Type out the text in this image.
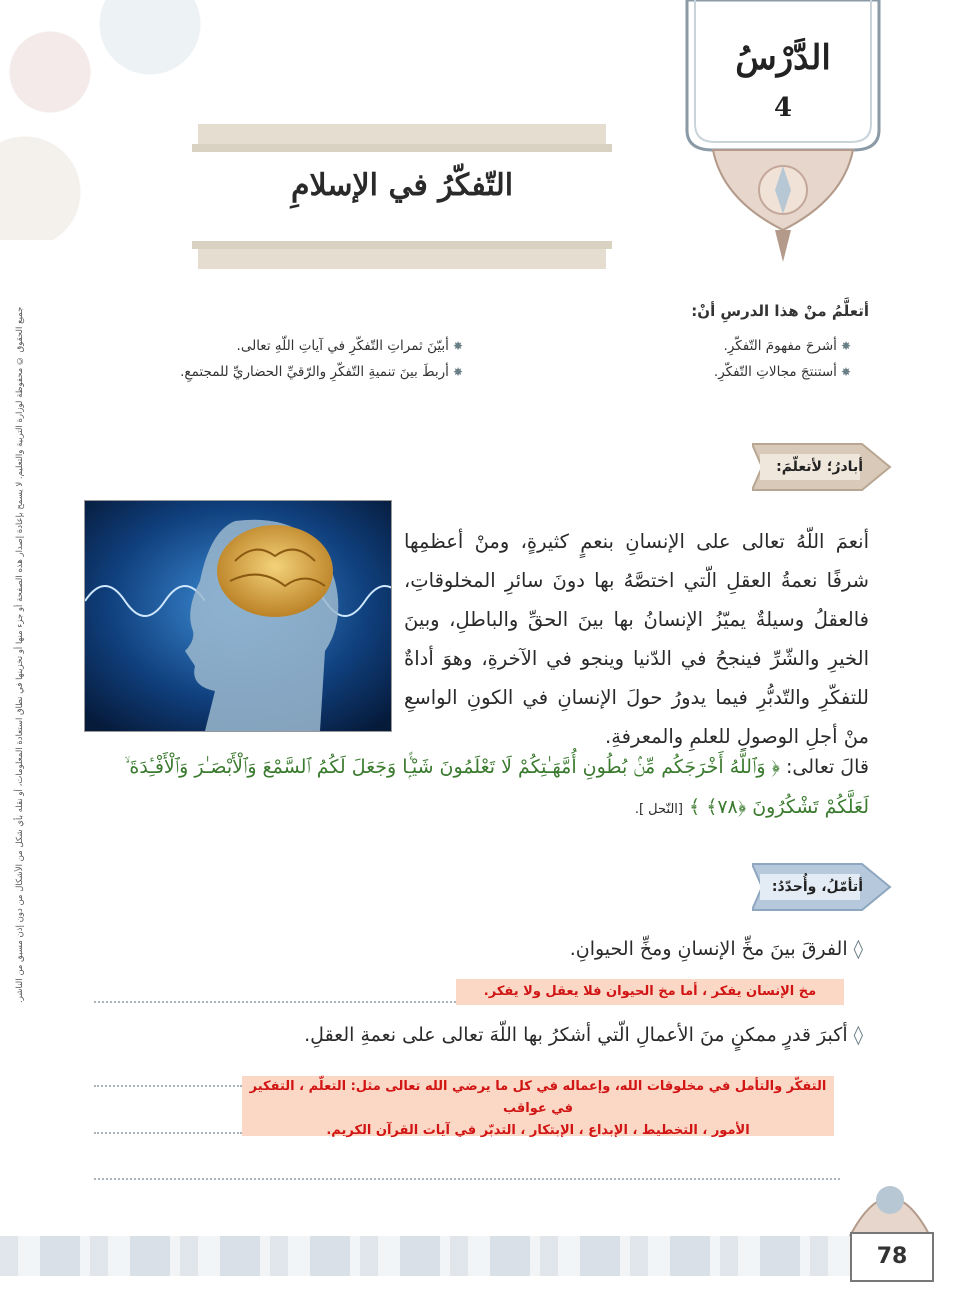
الدَّرْسُ
4
التّفكّرُ في الإسلامِ
جميع الحقوق © محفوظة لوزارة التربية والتعليم. لا يسمح بإعادة إصدار هذه الصفحة أو جزء منها أو تخزينها في نطاق استعادة المعلومات، أو نقله بأي شكل من الأشكال من دون إذن مسبق من الناشر.	أتعلَّمُ منْ هذا الدرسِ أنْ:
✸أشرحَ مفهومَ التّفكّرِ.
✸أستنتجَ مجالاتِ التّفكّرِ.
✸أبيّنَ ثمراتِ التّفكّرِ في آياتِ اللّهِ تعالى.
✸أربطَ بينَ تنميةِ التّفكّرِ والرّقيِّ الحضاريِّ للمجتمعِ.
أبادرُ؛ لأتعلّمَ:
أنعمَ اللّهُ تعالى على الإنسانِ بنعمٍ كثيرةٍ، ومنْ أعظمِها شرفًا نعمةُ العقلِ الّتي اختصَّهُ بها دونَ سائرِ المخلوقاتِ، فالعقلُ وسيلةٌ يميّزُ الإنسانُ بها بينَ الحقِّ والباطلِ، وبينَ الخيرِ والشّرِّ فينجحُ في الدّنيا وينجو في الآخرةِ، وهوَ أداةٌ للتفكّرِ والتّدبُّرِ فيما يدورُ حولَ الإنسانِ في الكونِ الواسعِ منْ أجلِ الوصولِ للعلمِ والمعرفةِ.
قالَ تعالى: ﴿ وَٱللَّهُ أَخْرَجَكُم مِّنۢ بُطُونِ أُمَّهَـٰتِكُمْ لَا تَعْلَمُونَ شَيْـًۭٔا وَجَعَلَ لَكُمُ ٱلسَّمْعَ وَٱلْأَبْصَـٰرَ وَٱلْأَفْـِٔدَةَ ۙ لَعَلَّكُمْ تَشْكُرُونَ ﴿٧٨﴾ ﴾ [النّحل ].
أتأمّلُ، وأُحدّدُ:
◊الفرقَ بينَ مخِّ الإنسانِ ومخِّ الحيوانِ.
مخ الإنسان يفكر ، أما مخ الحيوان فلا يعقل ولا يفكر.
◊أكبرَ قدرٍ ممكنٍ منَ الأعمالِ الّتي أشكرُ بها اللّهَ تعالى على نعمةِ العقلِ.
التفكّر والتأمل في مخلوقات الله، وإعماله في كل ما يرضي الله تعالى مثل: التعلّم ، التفكير في عواقب
الأمور ، التخطيط ، الإبداع ، الإبتكار ، التدبّر في آيات القرآن الكريم.
78
